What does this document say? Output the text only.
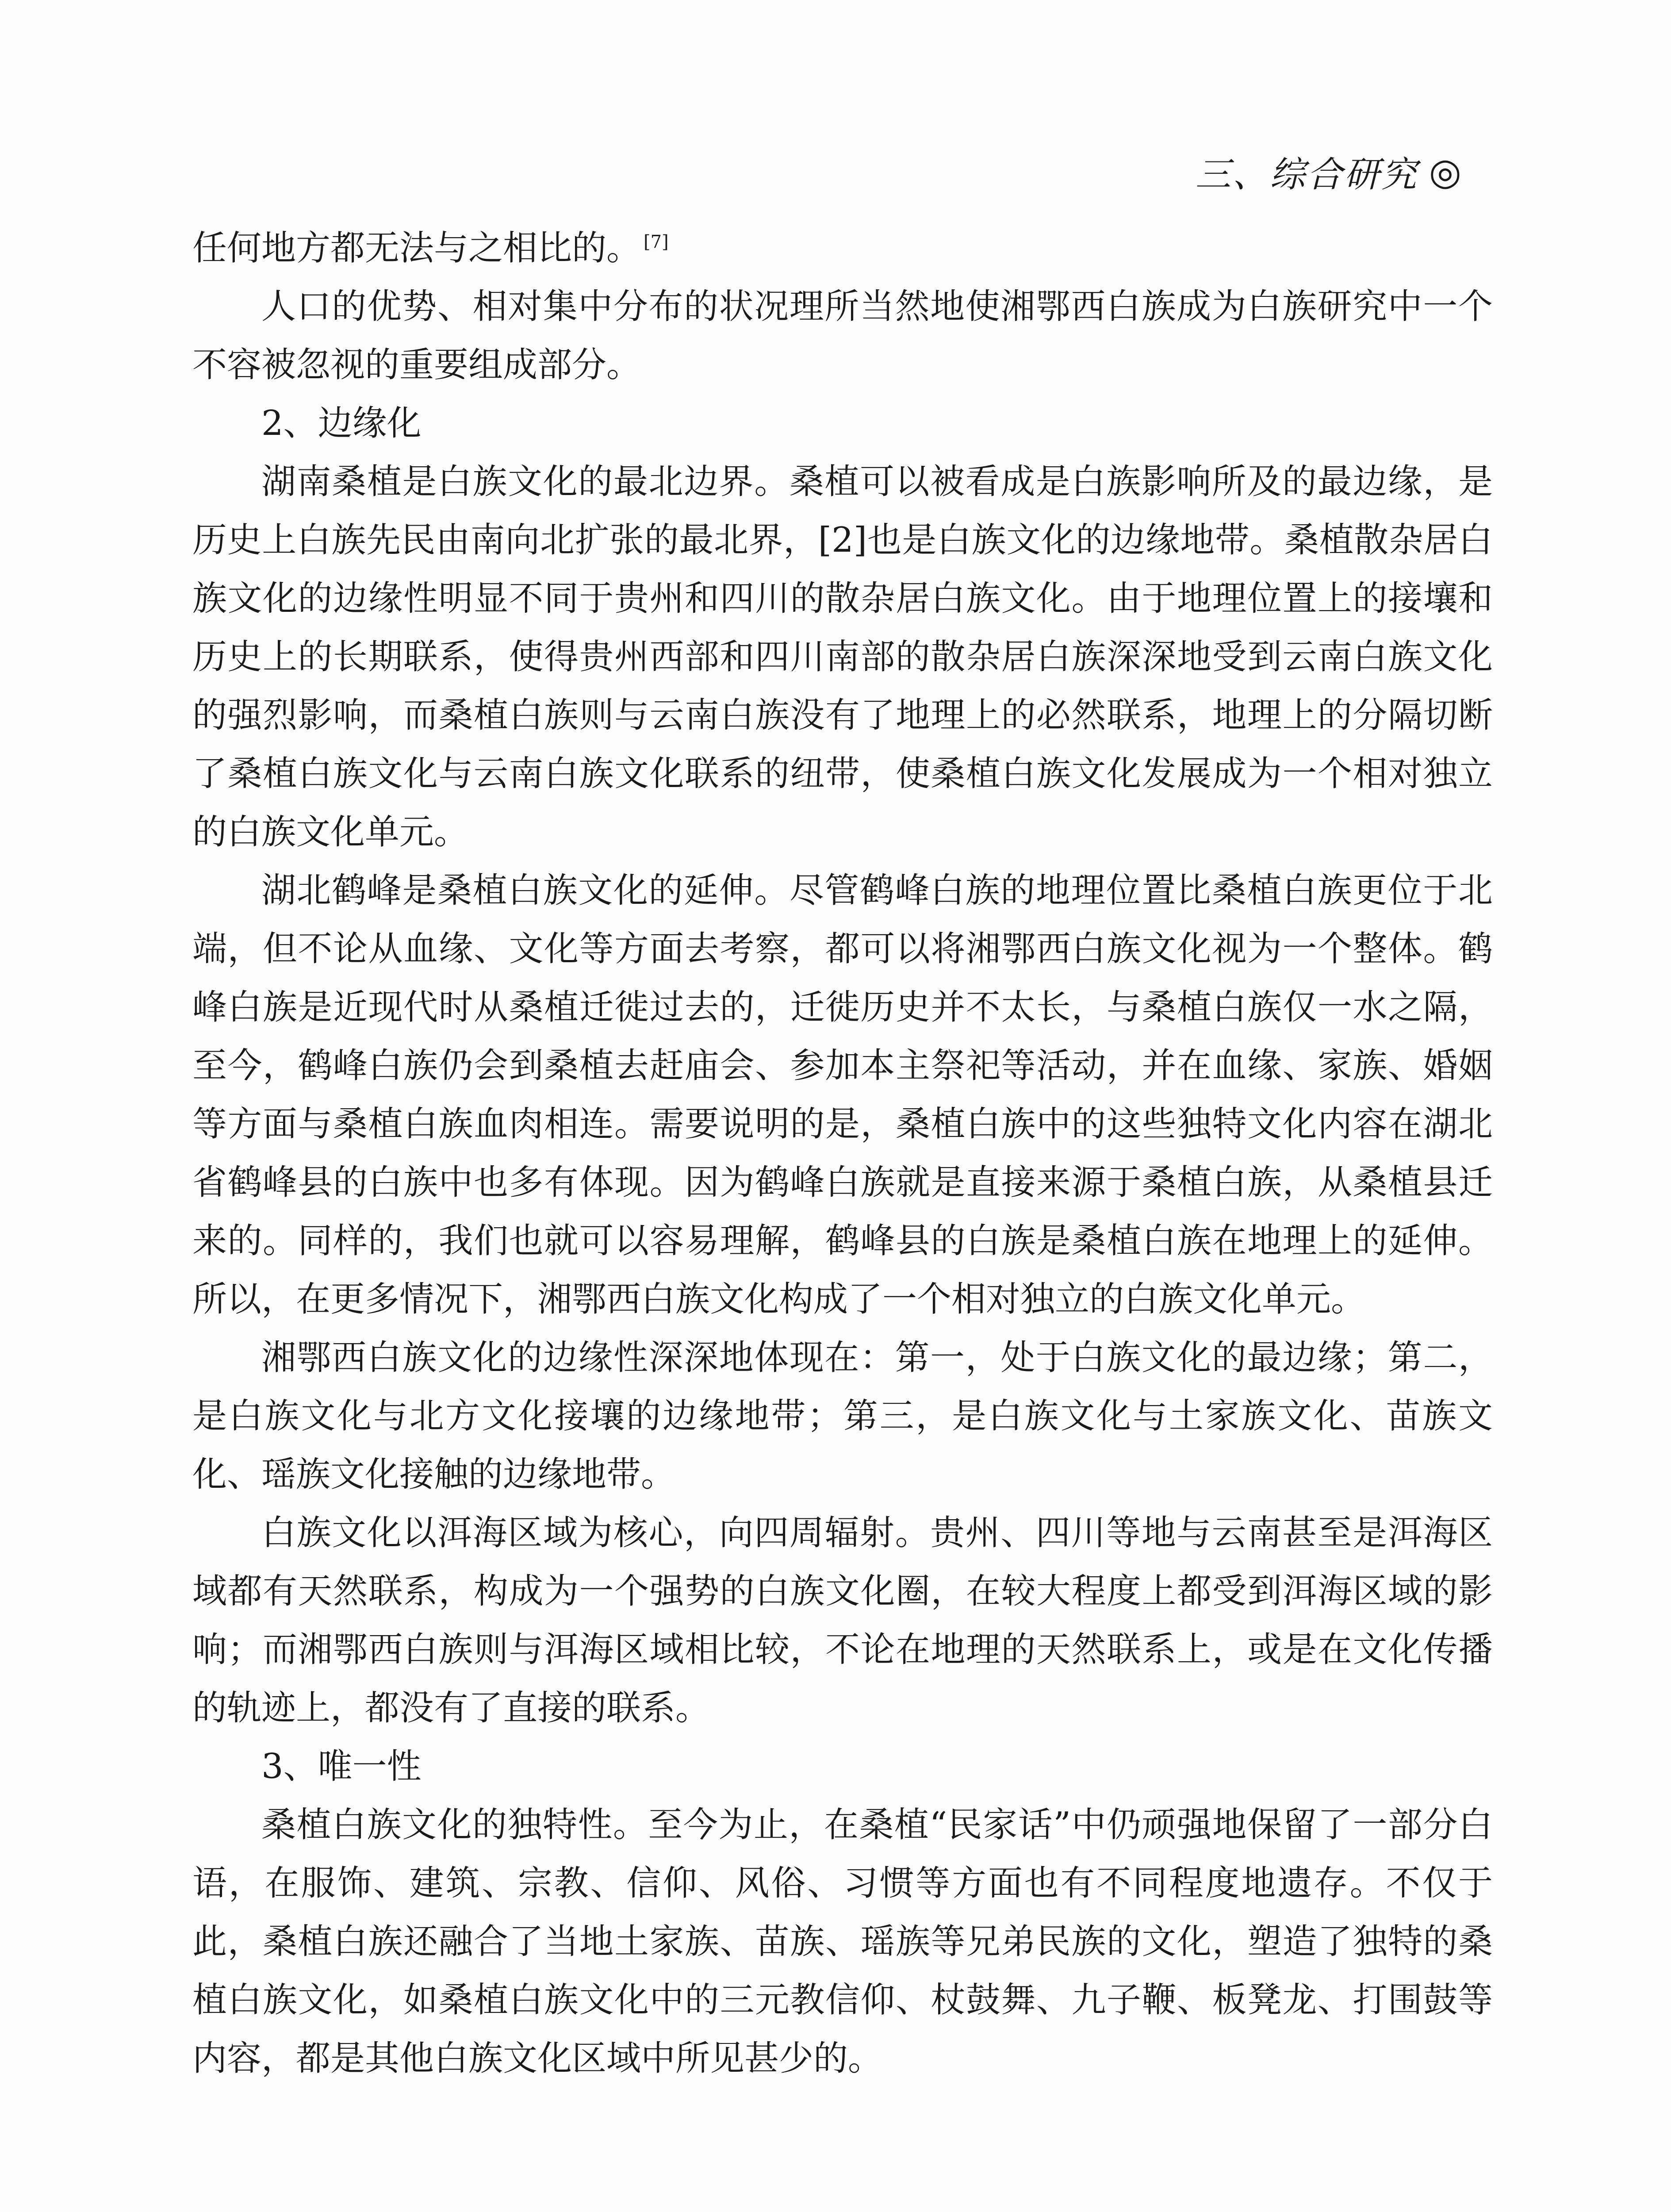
三、综合研究 ◎

任何地方都无法与之相比的。 [7]

人口的优势、相对集中分布的状况理所当然地使湘鄂西白族成为白族研究中一个不容被忽视的重要组成部分。

2、边缘化

湖南桑植是白族文化的最北边界。桑植可以被看成是白族影响所及的最边缘，是历史上白族先民由南向北扩张的最北界，[2]也是白族文化的边缘地带。桑植散杂居白族文化的边缘性明显不同于贵州和四川的散杂居白族文化。由于地理位置上的接壤和历史上的长期联系，使得贵州西部和四川南部的散杂居白族深深地受到云南白族文化的强烈影响，而桑植白族则与云南白族没有了地理上的必然联系，地理上的分隔切断了桑植白族文化与云南白族文化联系的纽带，使桑植白族文化发展成为一个相对独立的白族文化单元。

湖北鹤峰是桑植白族文化的延伸。尽管鹤峰白族的地理位置比桑植白族更位于北端，但不论从血缘、文化等方面去考察，都可以将湘鄂西白族文化视为一个整体。鹤峰白族是近现代时从桑植迁徙过去的，迁徙历史并不太长，与桑植白族仅一水之隔，至今，鹤峰白族仍会到桑植去赶庙会、参加本主祭祀等活动，并在血缘、家族、婚姻等方面与桑植白族血肉相连。需要说明的是，桑植白族中的这些独特文化内容在湖北省鹤峰县的白族中也多有体现。因为鹤峰白族就是直接来源于桑植白族，从桑植县迁来的。同样的，我们也就可以容易理解，鹤峰县的白族是桑植白族在地理上的延伸。所以，在更多情况下，湘鄂西白族文化构成了一个相对独立的白族文化单元。

湘鄂西白族文化的边缘性深深地体现在：第一，处于白族文化的最边缘；第二，是白族文化与北方文化接壤的边缘地带；第三，是白族文化与土家族文化、苗族文化、瑶族文化接触的边缘地带。

白族文化以洱海区域为核心，向四周辐射。贵州、四川等地与云南甚至是洱海区域都有天然联系，构成为一个强势的白族文化圈，在较大程度上都受到洱海区域的影响；而湘鄂西白族则与洱海区域相比较，不论在地理的天然联系上，或是在文化传播的轨迹上，都没有了直接的联系。

3、唯一性

桑植白族文化的独特性。至今为止，在桑植“民家话”中仍顽强地保留了一部分白语，在服饰、建筑、宗教、信仰、风俗、习惯等方面也有不同程度地遗存。不仅于此，桑植白族还融合了当地土家族、苗族、瑶族等兄弟民族的文化，塑造了独特的桑植白族文化，如桑植白族文化中的三元教信仰、杖鼓舞、九子鞭、板凳龙、打围鼓等内容，都是其他白族文化区域中所见甚少的。
